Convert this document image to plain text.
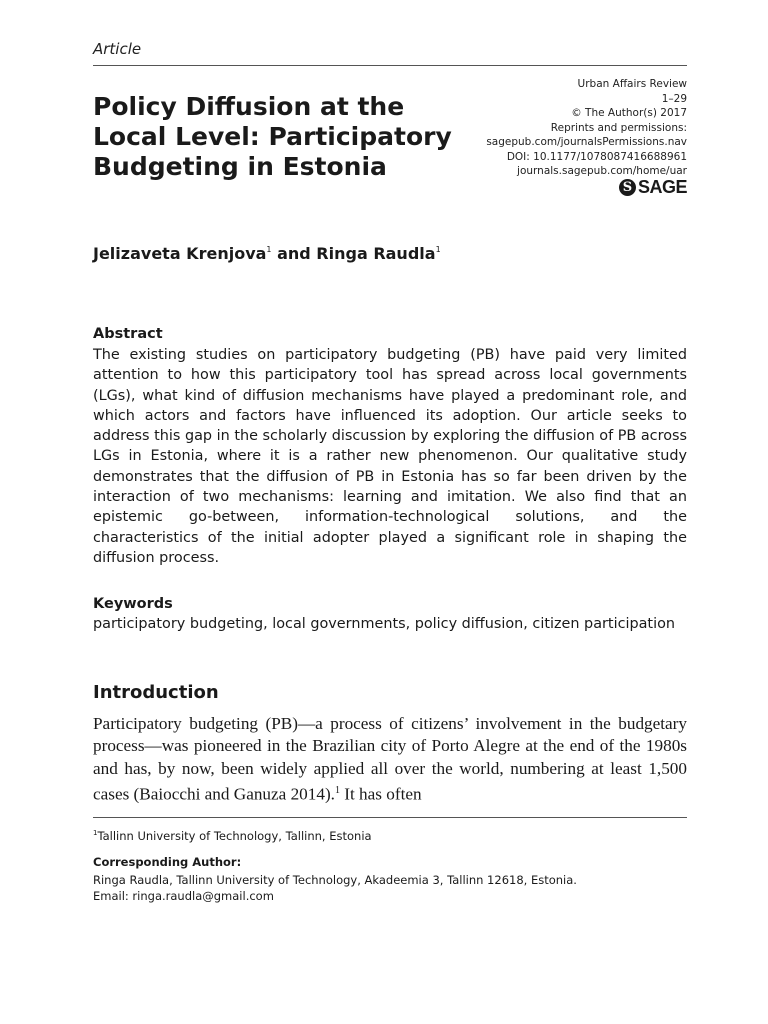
Article
Policy Diffusion at the
Local Level: Participatory
Budgeting in Estonia
Urban Affairs Review
1–29
© The Author(s) 2017
Reprints and permissions:
sagepub.com/journalsPermissions.nav
DOI: 10.1177/1078087416688961
journals.sagepub.com/home/uar
S SAGE
Jelizaveta Krenjova$^1$ and Ringa Raudla$^1$
Abstract

The existing studies on participatory budgeting (PB) have paid very limited attention to how this participatory tool has spread across local governments (LGs), what kind of diffusion mechanisms have played a predominant role, and which actors and factors have influenced its adoption. Our article seeks to address this gap in the scholarly discussion by exploring the diffusion of PB across LGs in Estonia, where it is a rather new phenomenon. Our qualitative study demonstrates that the diffusion of PB in Estonia has so far been driven by the interaction of two mechanisms: learning and imitation. We also find that an epistemic go-between, information-technological solutions, and the characteristics of the initial adopter played a significant role in shaping the diffusion process.

Keywords

participatory budgeting, local governments, policy diffusion, citizen participation

Introduction

Participatory budgeting (PB)—a process of citizens’ involvement in the budgetary process—was pioneered in the Brazilian city of Porto Alegre at the end of the 1980s and has, by now, been widely applied all over the world, numbering at least 1,500 cases (Baiocchi and Ganuza 2014).$^1$ It has often

$^1$Tallinn University of Technology, Tallinn, Estonia
Corresponding Author:
Ringa Raudla, Tallinn University of Technology, Akadeemia 3, Tallinn 12618, Estonia.
Email: ringa.raudla@gmail.com
